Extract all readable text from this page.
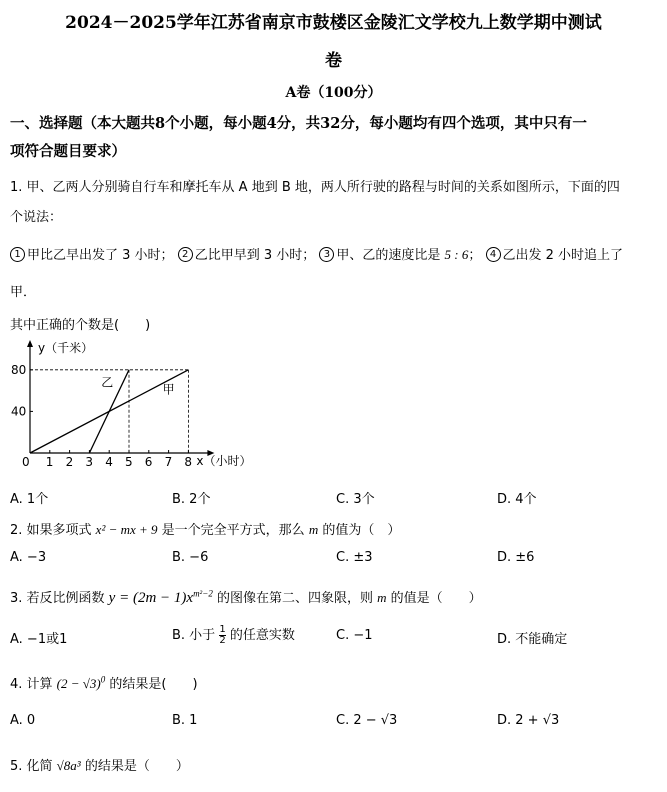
2024－2025学年江苏省南京市鼓楼区金陵汇文学校九上数学期中测试
卷
A卷（100分）
一、选择题（本大题共8个小题，每小题4分，共32分，每小题均有四个选项，其中只有一
项符合题目要求）
1. 甲、乙两人分别骑自行车和摩托车从 A 地到 B 地，两人所行驶的路程与时间的关系如图所示，下面的四
个说法：
1 甲比乙早出发了 3 小时； 2 乙比甲早到 3 小时； 3 甲、乙的速度比是 5 : 6； 4 乙出发 2 小时追上了
甲．
其中正确的个数是(　　)
y（千米）
x（小时）
0 1 2 3 4 5 6 7 8
40
80
甲
乙
A. 1个	B. 2个	C. 3个	D. 4个
2. 如果多项式 x² − mx + 9 是一个完全平方式，那么 m 的值为（　）
A. −3	B. −6	C. ±3	D. ±6
3. 若反比例函数 $y = (2m - 1)x^{m^2-2}$ 的图像在第二、四象限，则 m 的值是（　　）
A. −1或1	B. 小于 $\frac{1}{2}$ 的任意实数	C. −1	D. 不能确定
4. 计算 $(2 - √3)^0$ 的结果是(　　)
A. 0	B. 1	C. 2 − √3	D. 2 + √3
5. 化简 √8a³ 的结果是（　　）
